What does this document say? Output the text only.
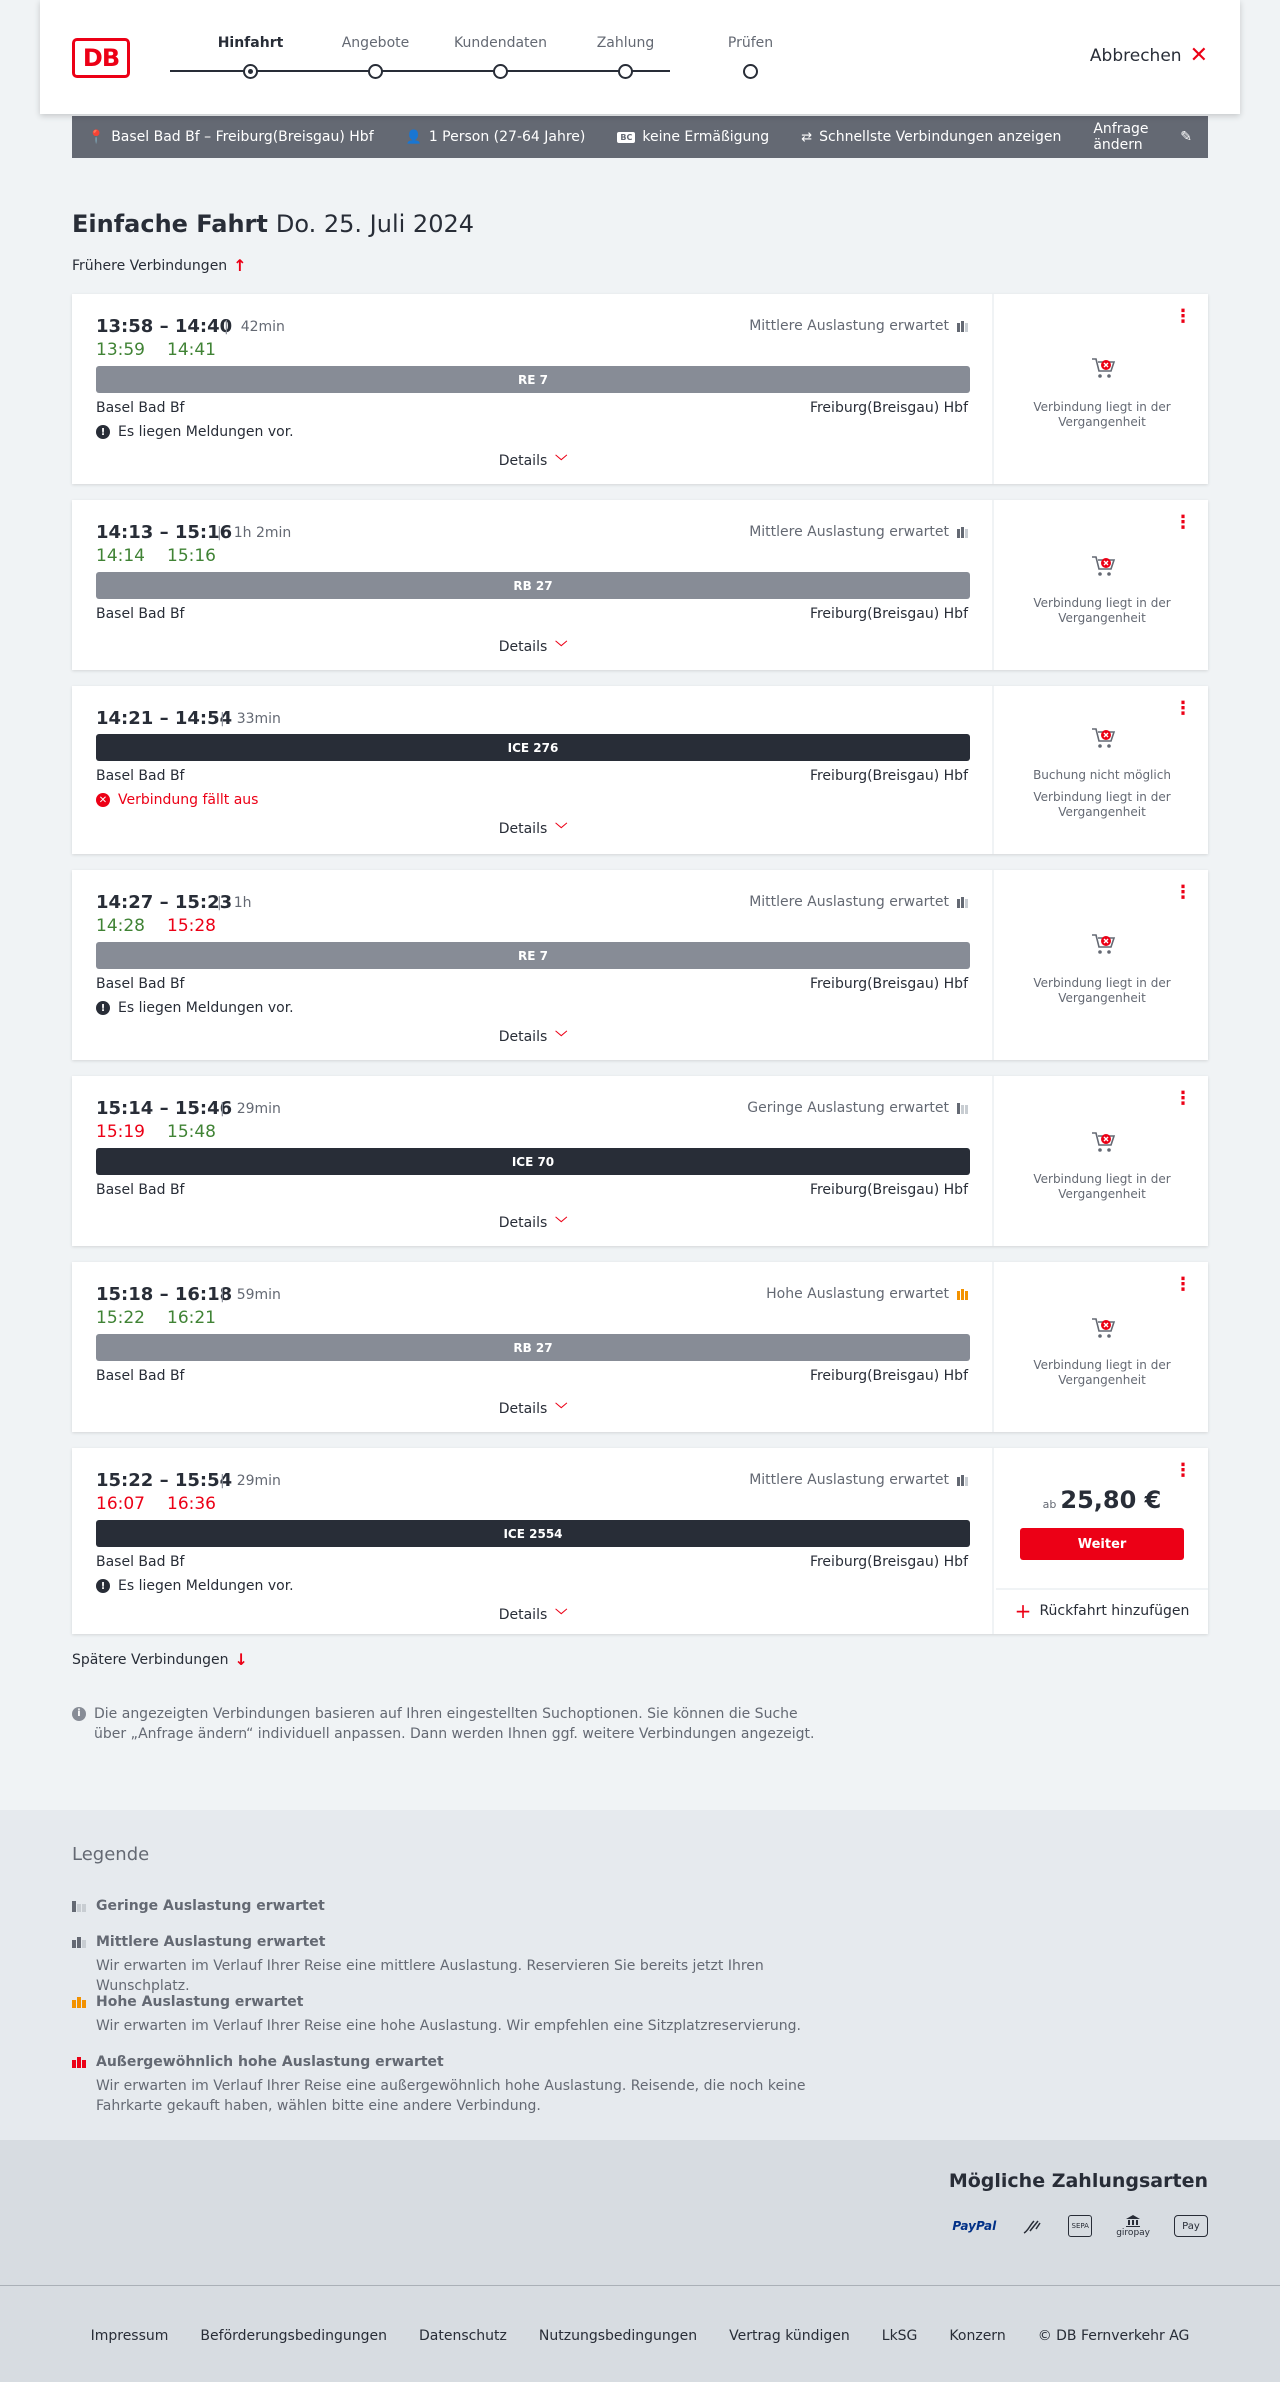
DB
Hinfahrt	Angebote	Kundendaten	Zahlung	Prüfen
Abbrechen ✕
📍 Basel Bad Bf – Freiburg(Breisgau) Hbf 👤 1 Person (27-64 Jahre)	BC keine Ermäßigung ⇄ Schnellste Verbindungen anzeigen Anfrage ändern	✎
Einfache Fahrt Do. 25. Juli 2024
Frühere Verbindungen ↑
13:58 – 14:40 | 42min
13:59 14:41
Mittlere Auslastung erwartet
RE 7
Basel Bad Bf	Freiburg(Breisgau) Hbf
! Es liegen Meldungen vor.
Details ﹀
⋮
Verbindung liegt in der Vergangenheit
14:13 – 15:16 | 1h 2min
14:14 15:16
Mittlere Auslastung erwartet
RB 27
Basel Bad Bf	Freiburg(Breisgau) Hbf
Details ﹀
⋮
Verbindung liegt in der Vergangenheit
14:21 – 14:54 | 33min
ICE 276
Basel Bad Bf	Freiburg(Breisgau) Hbf
✕ Verbindung fällt aus
Details ﹀
⋮
Buchung nicht möglich
Verbindung liegt in der Vergangenheit
14:27 – 15:23 | 1h
14:28 15:28
Mittlere Auslastung erwartet
RE 7
Basel Bad Bf	Freiburg(Breisgau) Hbf
! Es liegen Meldungen vor.
Details ﹀
⋮
Verbindung liegt in der Vergangenheit
15:14 – 15:46 | 29min
15:19 15:48
Geringe Auslastung erwartet
ICE 70
Basel Bad Bf	Freiburg(Breisgau) Hbf
Details ﹀
⋮
Verbindung liegt in der Vergangenheit
15:18 – 16:18 | 59min
15:22 16:21
Hohe Auslastung erwartet
RB 27
Basel Bad Bf	Freiburg(Breisgau) Hbf
Details ﹀
⋮
Verbindung liegt in der Vergangenheit
15:22 – 15:54 | 29min
16:07 16:36
Mittlere Auslastung erwartet
ICE 2554
Basel Bad Bf	Freiburg(Breisgau) Hbf
! Es liegen Meldungen vor.
Details ﹀
⋮
ab 25,80 €
Weiter
+ Rückfahrt hinzufügen
Spätere Verbindungen ↓
i Die angezeigten Verbindungen basieren auf Ihren eingestellten Suchoptionen. Sie können die Suche über „Anfrage ändern“ individuell anpassen. Dann werden Ihnen ggf. weitere Verbindungen angezeigt.
Legende
Geringe Auslastung erwartet
Mittlere Auslastung erwartet
Wir erwarten im Verlauf Ihrer Reise eine mittlere Auslastung. Reservieren Sie bereits jetzt Ihren Wunschplatz.
Hohe Auslastung erwartet
Wir erwarten im Verlauf Ihrer Reise eine hohe Auslastung. Wir empfehlen eine Sitzplatzreservierung.
Außergewöhnlich hohe Auslastung erwartet
Wir erwarten im Verlauf Ihrer Reise eine außergewöhnlich hohe Auslastung. Reisende, die noch keine Fahrkarte gekauft haben, wählen bitte eine andere Verbindung.
Mögliche Zahlungsarten
PayPal	SEPA
giropay
Pay
Impressum Beförderungsbedingungen Datenschutz Nutzungsbedingungen Vertrag kündigen LkSG Konzern © DB Fernverkehr AG
